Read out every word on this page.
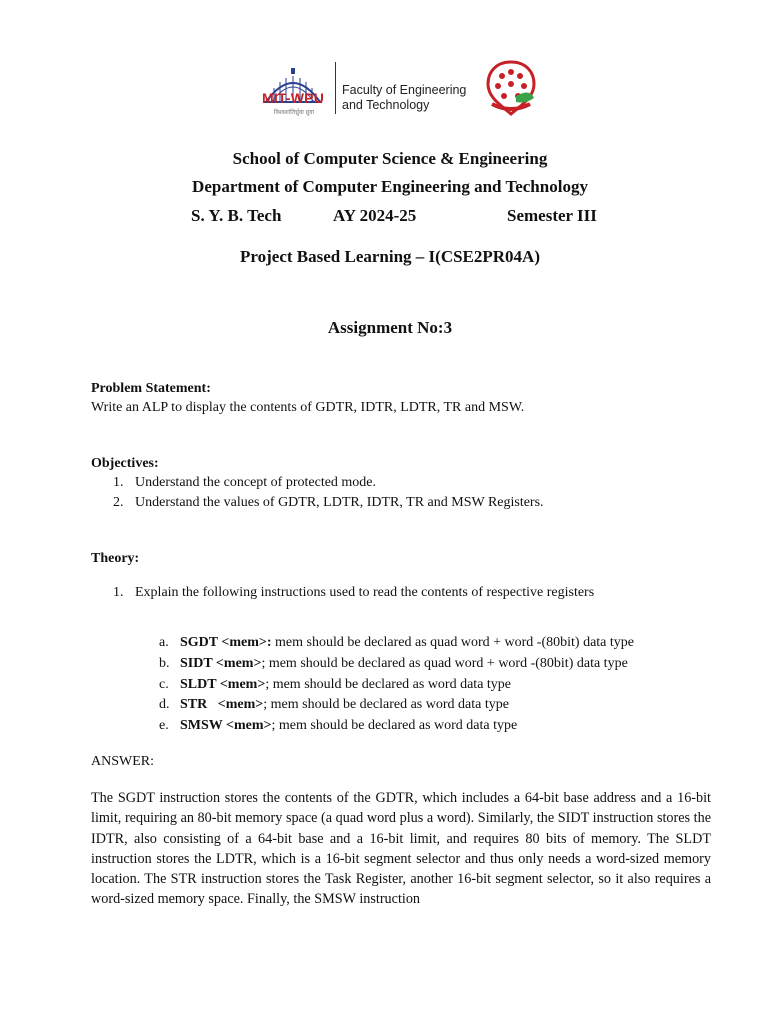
MIT-WPU
विश्वशांतिर्ध्रुवा ध्रुवा
Faculty of Engineering
and Technology
School of Computer Science & Engineering
Department of Computer Engineering and Technology
S. Y. B. Tech	AY 2024-25	Semester III
Project Based Learning – I(CSE2PR04A)
Assignment No:3
Problem Statement:
Write an ALP to display the contents of GDTR, IDTR, LDTR, TR and MSW.
Objectives:
1. Understand the concept of protected mode.
2. Understand the values of GDTR, LDTR, IDTR, TR and MSW Registers.
Theory:
1. Explain the following instructions used to read the contents of respective registers
a. SGDT <mem>: mem should be declared as quad word + word -(80bit) data type
b. SIDT <mem>; mem should be declared as quad word + word -(80bit) data type
c. SLDT <mem>; mem should be declared as word data type
d. STR   <mem>; mem should be declared as word data type
e. SMSW <mem>; mem should be declared as word data type
ANSWER:
The SGDT instruction stores the contents of the GDTR, which includes a 64-bit base address and a 16-bit limit, requiring an 80-bit memory space (a quad word plus a word). Similarly, the SIDT instruction stores the IDTR, also consisting of a 64-bit base and a 16-bit limit, and requires 80 bits of memory. The SLDT instruction stores the LDTR, which is a 16-bit segment selector and thus only needs a word-sized memory location. The STR instruction stores the Task Register, another 16-bit segment selector, so it also requires a word-sized memory space. Finally, the SMSW instruction
